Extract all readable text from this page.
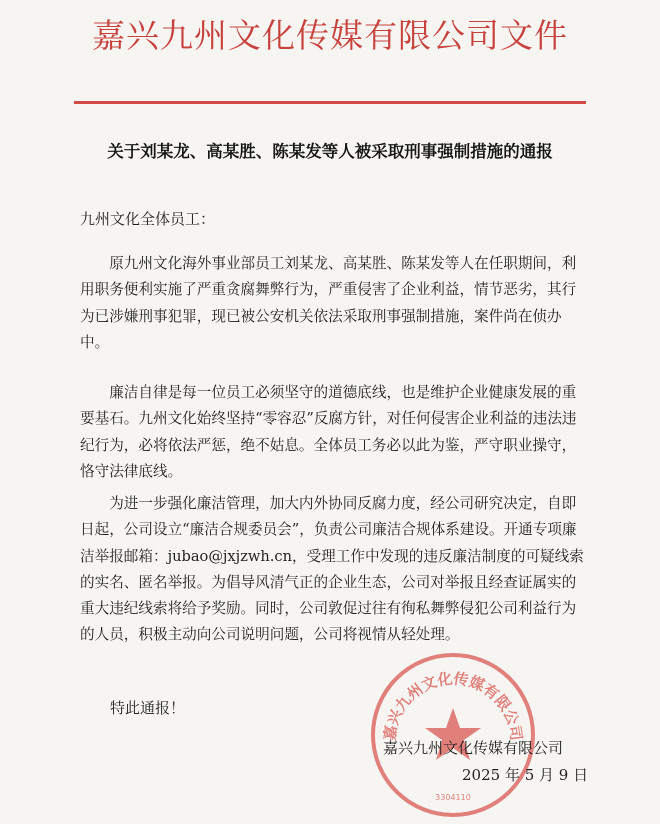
嘉兴九州文化传媒有限公司文件
关于刘某龙、高某胜、陈某发等人被采取刑事强制措施的通报
九州文化全体员工：

原九州文化海外事业部员工刘某龙、高某胜、陈某发等人在任职期间，利用职务便利实施了严重贪腐舞弊行为，严重侵害了企业利益，情节恶劣，其行为已涉嫌刑事犯罪，现已被公安机关依法采取刑事强制措施，案件尚在侦办中。

廉洁自律是每一位员工必须坚守的道德底线，也是维护企业健康发展的重要基石。九州文化始终坚持“零容忍”反腐方针，对任何侵害企业利益的违法违纪行为，必将依法严惩，绝不姑息。全体员工务必以此为鉴，严守职业操守，恪守法律底线。

为进一步强化廉洁管理，加大内外协同反腐力度，经公司研究决定，自即日起，公司设立“廉洁合规委员会”，负责公司廉洁合规体系建设。开通专项廉洁举报邮箱：jubao@jxjzwh.cn，受理工作中发现的违反廉洁制度的可疑线索的实名、匿名举报。为倡导风清气正的企业生态，公司对举报且经查证属实的重大违纪线索将给予奖励。同时，公司敦促过往有徇私舞弊侵犯公司利益行为的人员，积极主动向公司说明问题，公司将视情从轻处理。

特此通报！
嘉兴九州文化传媒有限公司
3304110
嘉兴九州文化传媒有限公司
2025 年 5 月 9 日
